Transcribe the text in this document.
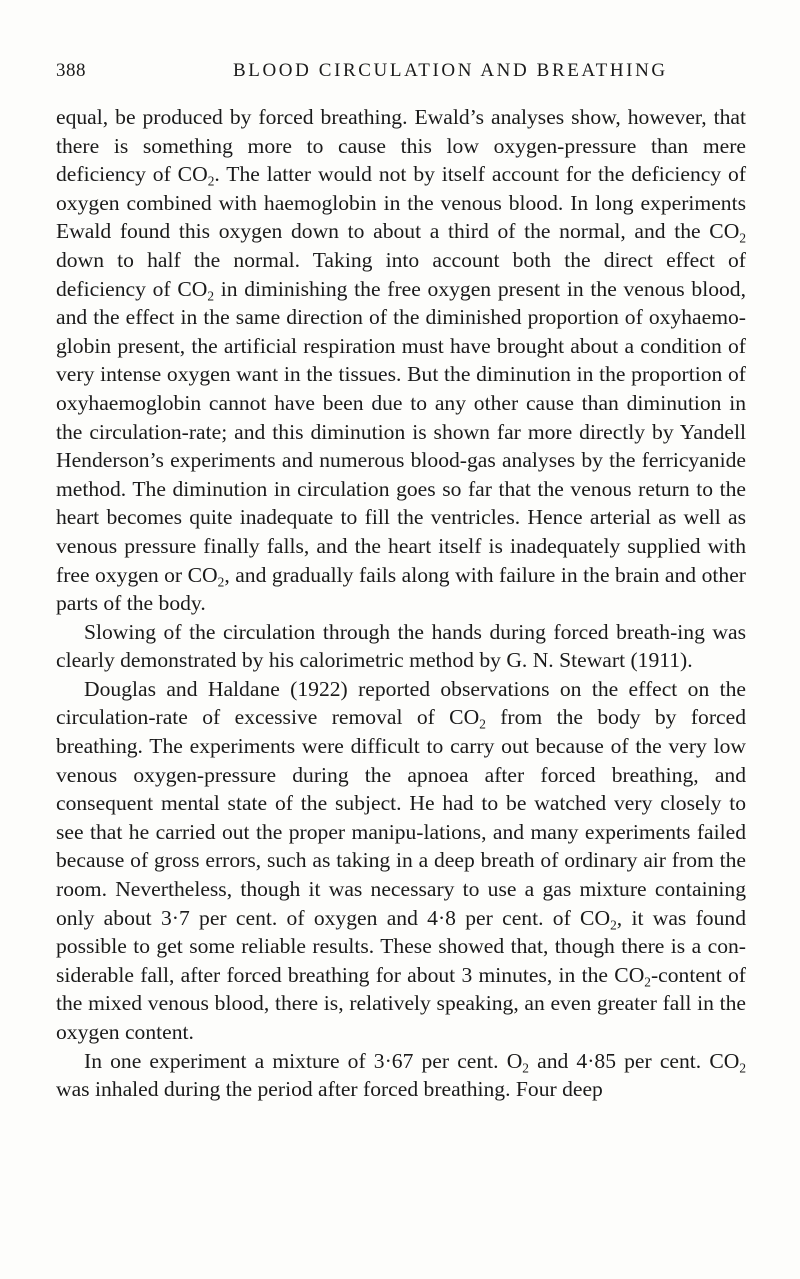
388	BLOOD CIRCULATION AND BREATHING

equal, be produced by forced breathing. Ewald’s analyses show, however, that there is something more to cause this low oxygen-pressure than mere deficiency of $CO_2$. The latter would not by itself account for the deficiency of oxygen combined with haemoglobin in the venous blood. In long experiments Ewald found this oxygen down to about a third of the normal, and the $CO_2$ down to half the normal. Taking into account both the direct effect of deficiency of $CO_2$ in diminishing the free oxygen present in the venous blood, and the effect in the same direction of the diminished proportion of oxyhaemo-globin present, the artificial respiration must have brought about a condition of very intense oxygen want in the tissues. But the diminution in the proportion of oxyhaemoglobin cannot have been due to any other cause than diminution in the circulation-rate; and this diminution is shown far more directly by Yandell Henderson’s experiments and numerous blood-gas analyses by the ferricyanide method. The diminution in circulation goes so far that the venous return to the heart becomes quite inadequate to fill the ventricles. Hence arterial as well as venous pressure finally falls, and the heart itself is inadequately supplied with free oxygen or $CO_2$, and gradually fails along with failure in the brain and other parts of the body.

Slowing of the circulation through the hands during forced breath-ing was clearly demonstrated by his calorimetric method by G. N. Stewart (1911).

Douglas and Haldane (1922) reported observations on the effect on the circulation-rate of excessive removal of $CO_2$ from the body by forced breathing. The experiments were difficult to carry out because of the very low venous oxygen-pressure during the apnoea after forced breathing, and consequent mental state of the subject. He had to be watched very closely to see that he carried out the proper manipu-lations, and many experiments failed because of gross errors, such as taking in a deep breath of ordinary air from the room. Nevertheless, though it was necessary to use a gas mixture containing only about 3·7 per cent. of oxygen and 4·8 per cent. of $CO_2$, it was found possible to get some reliable results. These showed that, though there is a con-siderable fall, after forced breathing for about 3 minutes, in the $CO_2$-content of the mixed venous blood, there is, relatively speaking, an even greater fall in the oxygen content.

In one experiment a mixture of 3·67 per cent. $O_2$ and 4·85 per cent. $CO_2$ was inhaled during the period after forced breathing. Four deep
